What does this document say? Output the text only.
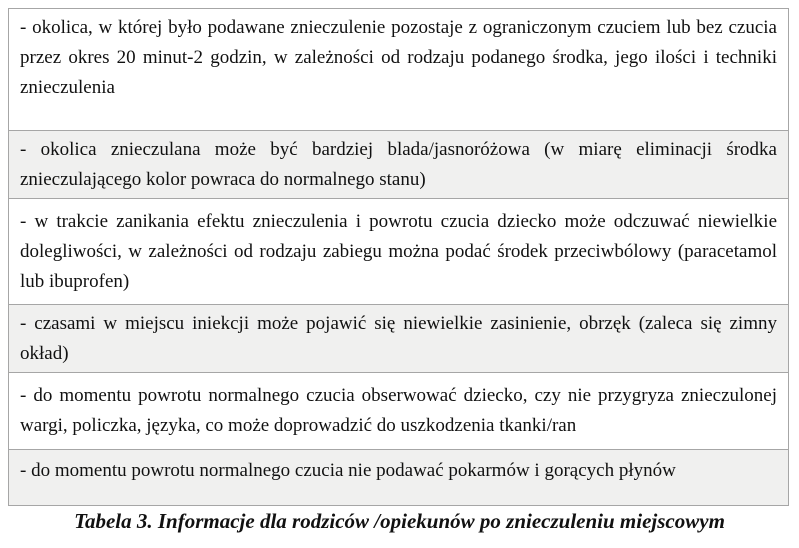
- okolica, w której było podawane znieczulenie pozostaje z ograniczonym czuciem lub bez czucia przez okres 20 minut-2 godzin, w zależności od rodzaju podanego środka, jego ilości i techniki znieczulenia

- okolica znieczulana może być bardziej blada/jasnoróżowa (w miarę eliminacji środka znieczulającego kolor powraca do normalnego stanu)

- w trakcie zanikania efektu znieczulenia i powrotu czucia dziecko może odczuwać niewielkie dolegliwości, w zależności od rodzaju zabiegu można podać środek przeciwbólowy (paracetamol lub ibuprofen)

- czasami w miejscu iniekcji może pojawić się niewielkie zasinienie, obrzęk (zaleca się zimny okład)

- do momentu powrotu normalnego czucia obserwować dziecko, czy nie przygryza znieczulonej wargi, policzka, języka, co może doprowadzić do uszkodzenia tkanki/ran

- do momentu powrotu normalnego czucia nie podawać pokarmów i gorących płynów

Tabela 3. Informacje dla rodziców /opiekunów po znieczuleniu miejscowym
